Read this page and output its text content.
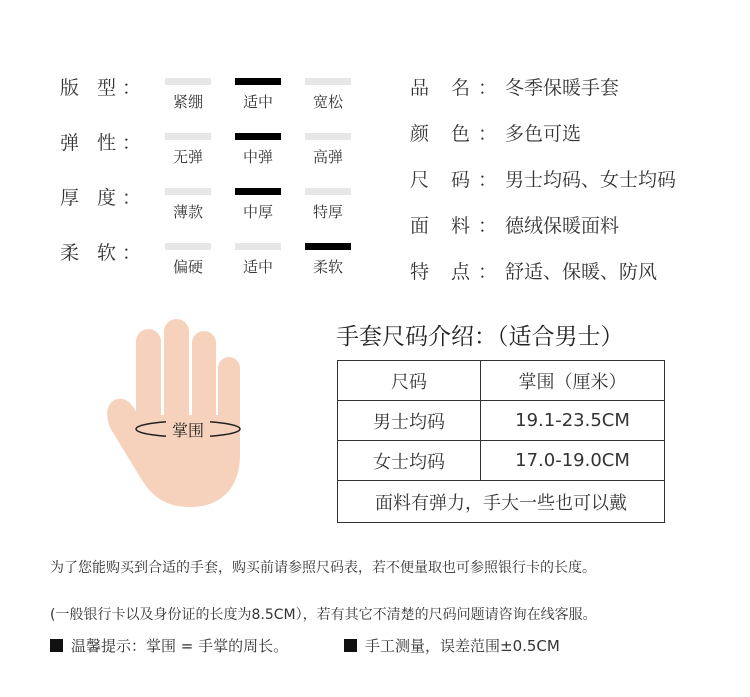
版 型：
紧绷	适中	宽松
弹 性：
无弹	中弹	高弹
厚 度：
薄款	中厚	特厚
柔 软：
偏硬	适中	柔软
品 名：冬季保暖手套
颜 色：多色可选
尺 码：男士均码、女士均码
面 料：德绒保暖面料
特 点：舒适、保暖、防风
掌围
手套尺码介绍：（适合男士）
尺码	掌围（厘米）
男士均码	19.1-23.5CM
女士均码	17.0-19.0CM
面料有弹力，手大一些也可以戴	
为了您能购买到合适的手套，购买前请参照尺码表，若不便量取也可参照银行卡的长度。
(一般银行卡以及身份证的长度为8.5CM），若有其它不清楚的尺码问题请咨询在线客服。
温馨提示：掌围 = 手掌的周长。	手工测量，误差范围±0.5CM
